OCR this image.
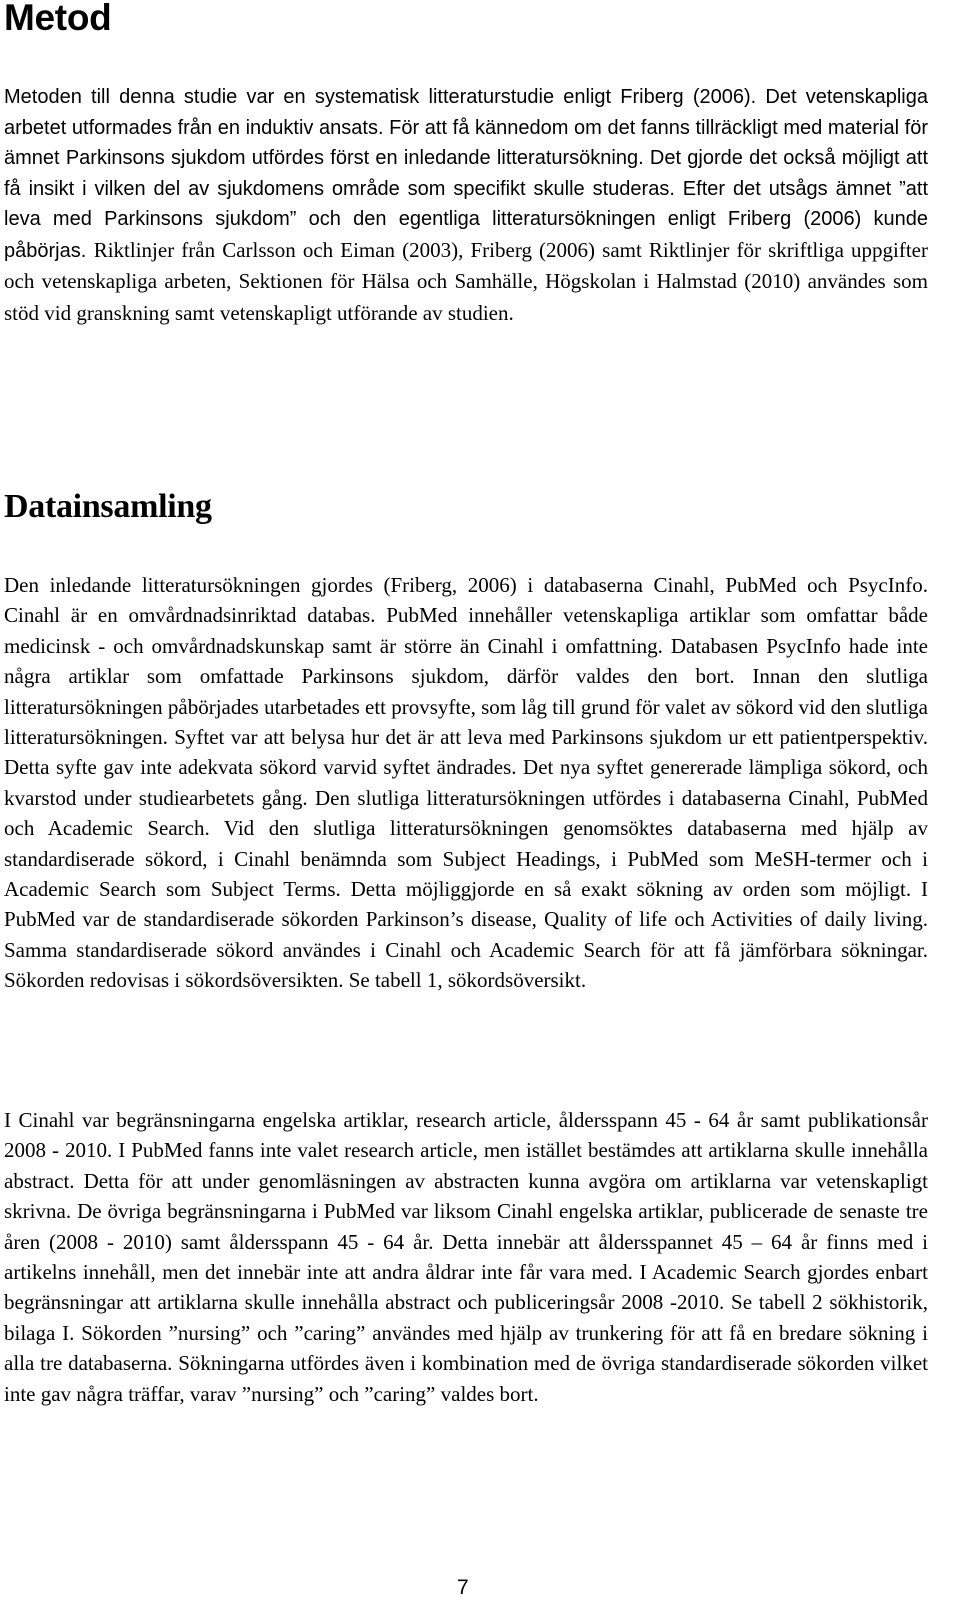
Metod

Metoden till denna studie var en systematisk litteraturstudie enligt Friberg (2006). Det vetenskapliga arbetet utformades från en induktiv ansats. För att få kännedom om det fanns tillräckligt med material för ämnet Parkinsons sjukdom utfördes först en inledande litteratursökning. Det gjorde det också möjligt att få insikt i vilken del av sjukdomens område som specifikt skulle studeras. Efter det utsågs ämnet ”att leva med Parkinsons sjukdom” och den egentliga litteratursökningen enligt Friberg (2006) kunde påbörjas. Riktlinjer från Carlsson och Eiman (2003), Friberg (2006) samt Riktlinjer för skriftliga uppgifter och vetenskapliga arbeten, Sektionen för Hälsa och Samhälle, Högskolan i Halmstad (2010) användes som stöd vid granskning samt vetenskapligt utförande av studien.

Datainsamling

Den inledande litteratursökningen gjordes (Friberg, 2006) i databaserna Cinahl, PubMed och PsycInfo. Cinahl är en omvårdnadsinriktad databas. PubMed innehåller vetenskapliga artiklar som omfattar både medicinsk - och omvårdnadskunskap samt är större än Cinahl i omfattning. Databasen PsycInfo hade inte några artiklar som omfattade Parkinsons sjukdom, därför valdes den bort. Innan den slutliga litteratursökningen påbörjades utarbetades ett provsyfte, som låg till grund för valet av sökord vid den slutliga litteratursökningen. Syftet var att belysa hur det är att leva med Parkinsons sjukdom ur ett patientperspektiv. Detta syfte gav inte adekvata sökord varvid syftet ändrades. Det nya syftet genererade lämpliga sökord, och kvarstod under studiearbetets gång. Den slutliga litteratursökningen utfördes i databaserna Cinahl, PubMed och Academic Search. Vid den slutliga litteratursökningen genomsöktes databaserna med hjälp av standardiserade sökord, i Cinahl benämnda som Subject Headings, i PubMed som MeSH-termer och i Academic Search som Subject Terms. Detta möjliggjorde en så exakt sökning av orden som möjligt. I PubMed var de standardiserade sökorden Parkinson’s disease, Quality of life och Activities of daily living. Samma standardiserade sökord användes i Cinahl och Academic Search för att få jämförbara sökningar. Sökorden redovisas i sökordsöversikten. Se tabell 1, sökordsöversikt.

I Cinahl var begränsningarna engelska artiklar, research article, åldersspann 45 - 64 år samt publikationsår 2008 - 2010. I PubMed fanns inte valet research article, men istället bestämdes att artiklarna skulle innehålla abstract. Detta för att under genomläsningen av abstracten kunna avgöra om artiklarna var vetenskapligt skrivna. De övriga begränsningarna i PubMed var liksom Cinahl engelska artiklar, publicerade de senaste tre åren (2008 - 2010) samt åldersspann 45 - 64 år. Detta innebär att åldersspannet 45 – 64 år finns med i artikelns innehåll, men det innebär inte att andra åldrar inte får vara med. I Academic Search gjordes enbart begränsningar att artiklarna skulle innehålla abstract och publiceringsår 2008 -2010. Se tabell 2 sökhistorik, bilaga I. Sökorden ”nursing” och ”caring” användes med hjälp av trunkering för att få en bredare sökning i alla tre databaserna. Sökningarna utfördes även i kombination med de övriga standardiserade sökorden vilket inte gav några träffar, varav ”nursing” och ”caring” valdes bort.

7
